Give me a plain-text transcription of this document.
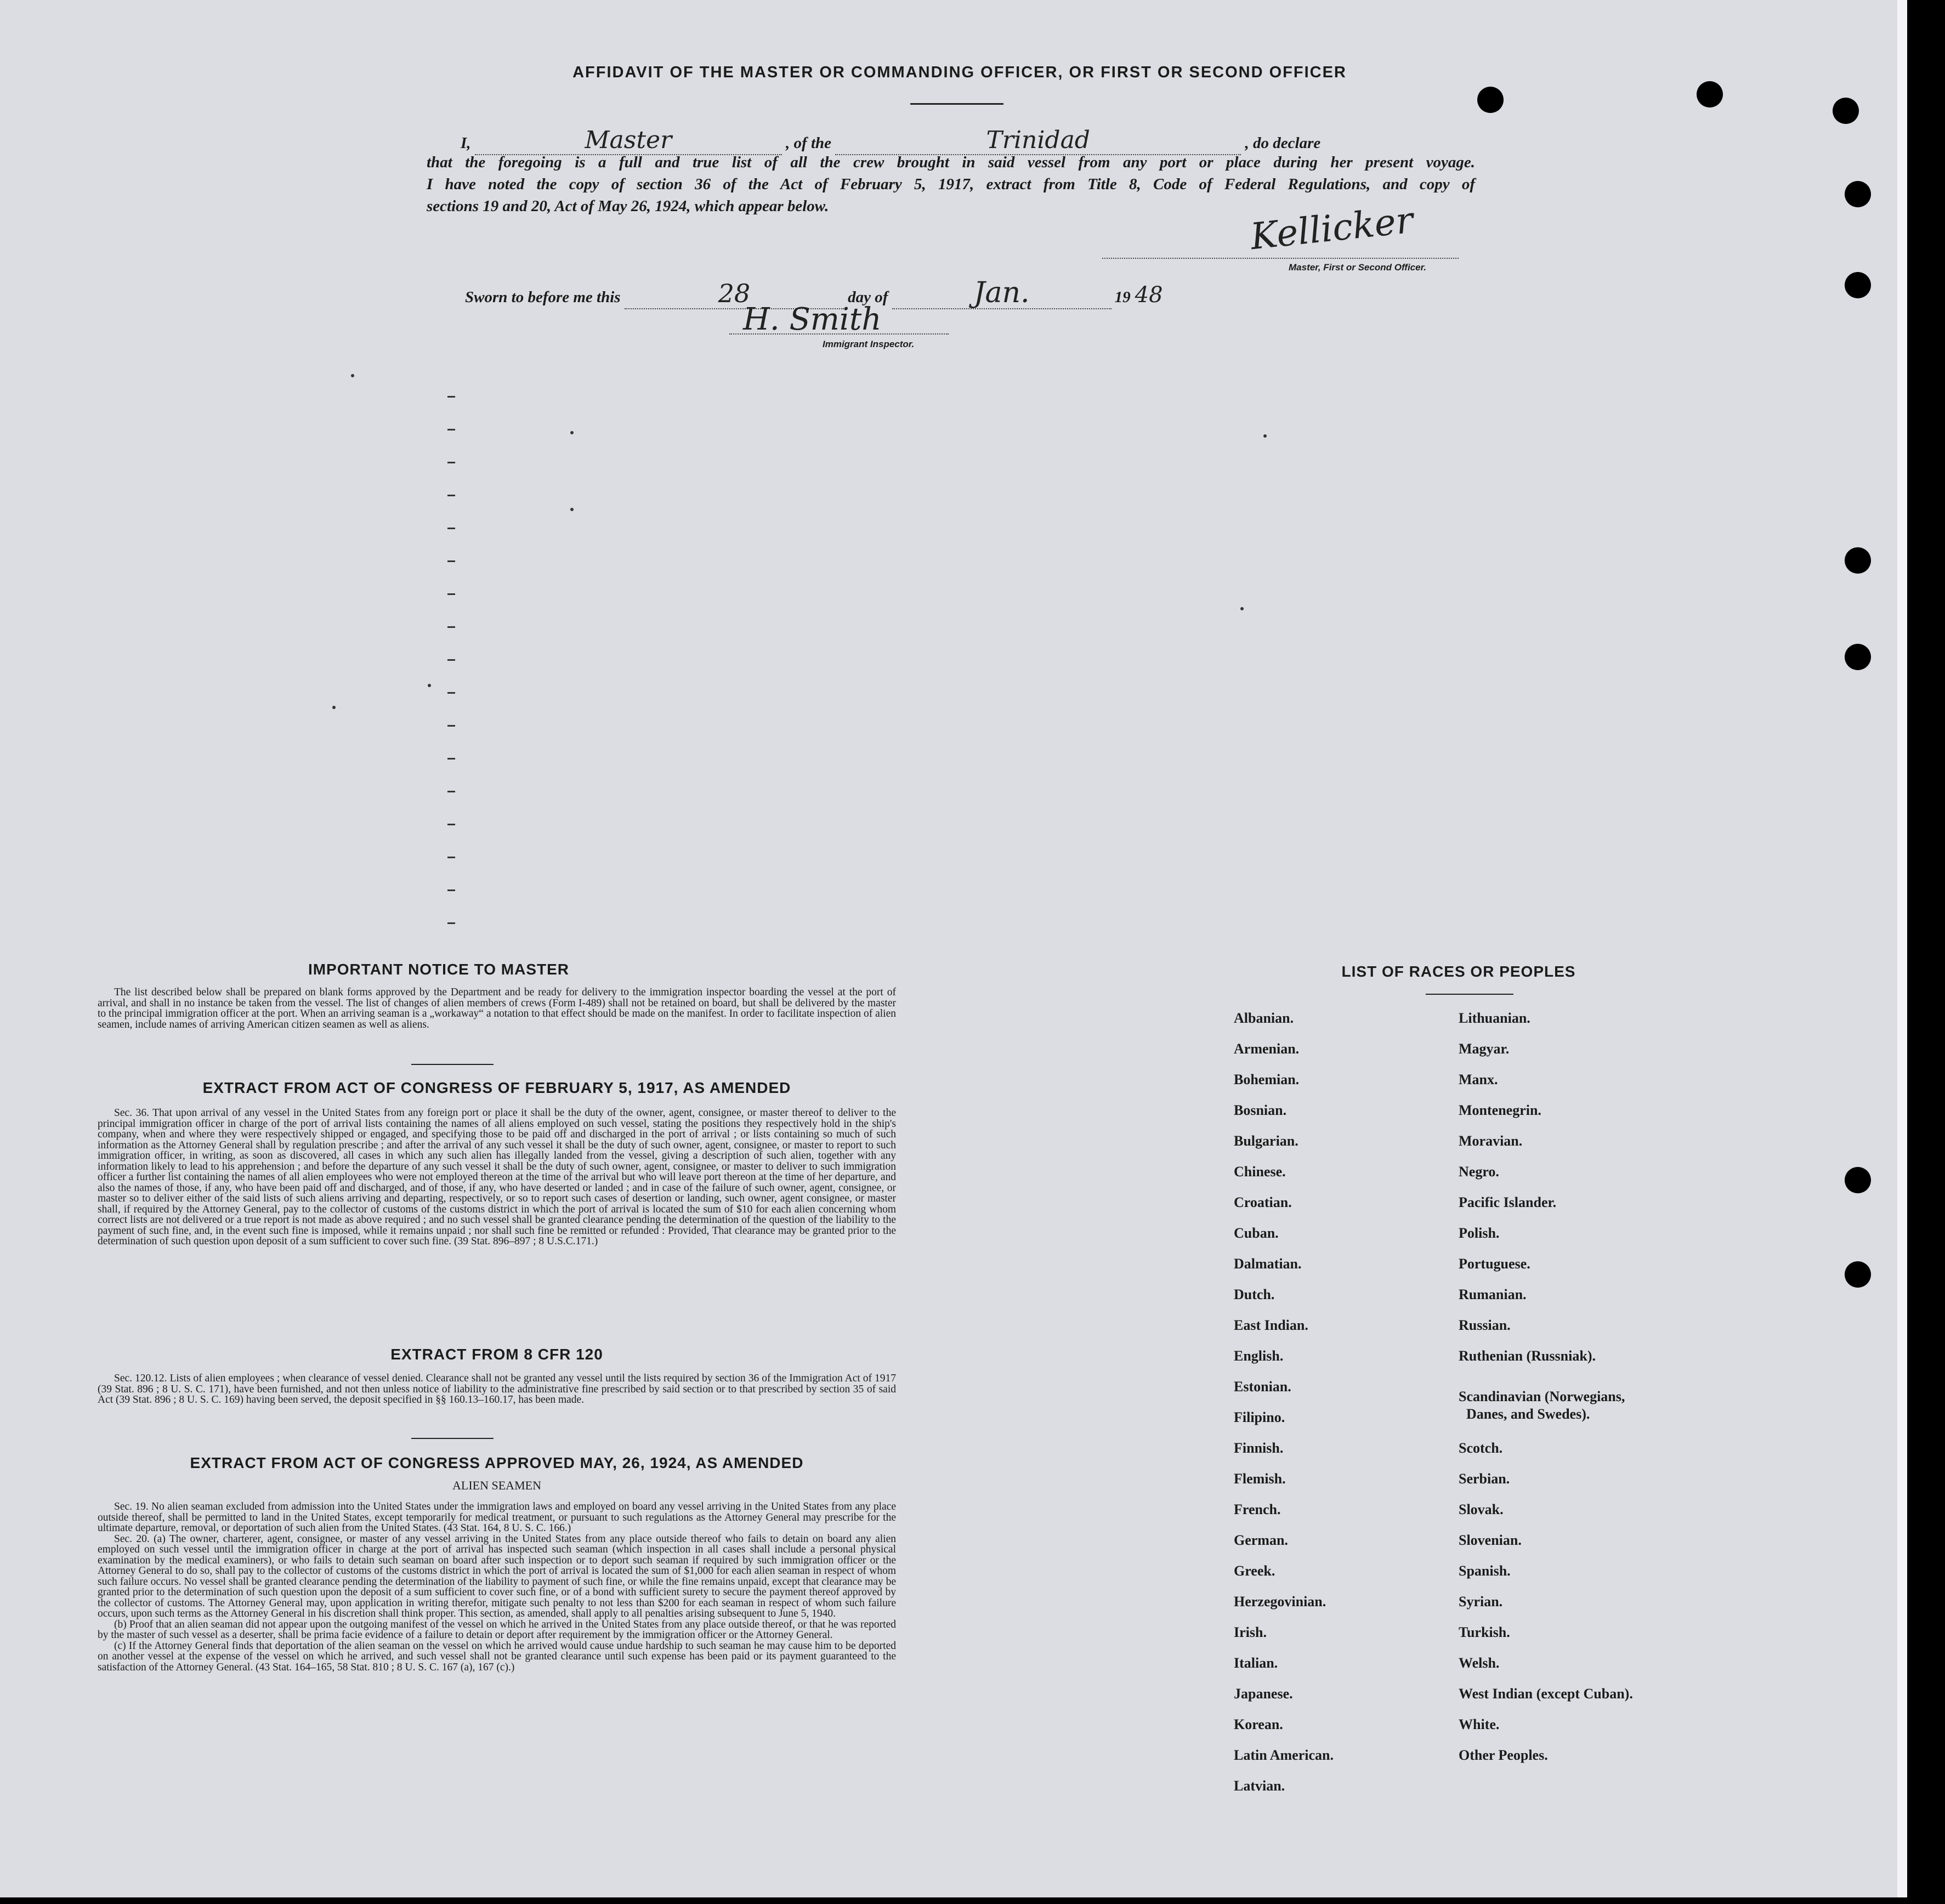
AFFIDAVIT OF THE MASTER OR COMMANDING OFFICER, OR FIRST OR SECOND OFFICER
I,	Master	, of the	Trinidad	, do declare
that the foregoing is a full and true list of all the crew brought in said vessel from any port or place during her present voyage.
I have noted the copy of section 36 of the Act of February 5, 1917, extract from Title 8, Code of Federal Regulations, and copy of
sections 19 and 20, Act of May 26, 1924, which appear below.	Kellicker
Master, First or Second Officer.
Sworn to before me this	28	day of	Jan.	19 48
H. Smith
Immigrant Inspector.
IMPORTANT NOTICE TO MASTER
The list described below shall be prepared on blank forms approved by the Department and be ready for delivery to the immigration inspector boarding the vessel at the port of arrival, and shall in no instance be taken from the vessel. The list of changes of alien members of crews (Form I-489) shall not be retained on board, but shall be delivered by the master to the principal immigration officer at the port. When an arriving seaman is a „workaway“ a notation to that effect should be made on the manifest. In order to facilitate inspection of alien seamen, include names of arriving American citizen seamen as well as aliens.
EXTRACT FROM ACT OF CONGRESS OF FEBRUARY 5, 1917, AS AMENDED
Sec. 36. That upon arrival of any vessel in the United States from any foreign port or place it shall be the duty of the owner, agent, consignee, or master thereof to deliver to the principal immigration officer in charge of the port of arrival lists containing the names of all aliens employed on such vessel, stating the positions they respectively hold in the ship's company, when and where they were respectively shipped or engaged, and specifying those to be paid off and discharged in the port of arrival ; or lists containing so much of such information as the Attorney General shall by regulation prescribe ; and after the arrival of any such vessel it shall be the duty of such owner, agent, consignee, or master to report to such immigration officer, in writing, as soon as discovered, all cases in which any such alien has illegally landed from the vessel, giving a description of such alien, together with any information likely to lead to his apprehension ; and before the departure of any such vessel it shall be the duty of such owner, agent, consignee, or master to deliver to such immigration officer a further list containing the names of all alien employees who were not employed thereon at the time of the arrival but who will leave port thereon at the time of her departure, and also the names of those, if any, who have been paid off and discharged, and of those, if any, who have deserted or landed ; and in case of the failure of such owner, agent, consignee, or master so to deliver either of the said lists of such aliens arriving and departing, respectively, or so to report such cases of desertion or landing, such owner, agent consignee, or master shall, if required by the Attorney General, pay to the collector of customs of the customs district in which the port of arrival is located the sum of $10 for each alien concerning whom correct lists are not delivered or a true report is not made as above required ; and no such vessel shall be granted clearance pending the determination of the question of the liability to the payment of such fine, and, in the event such fine is imposed, while it remains unpaid ; nor shall such fine be remitted or refunded : Provided, That clearance may be granted prior to the determination of such question upon deposit of a sum sufficient to cover such fine. (39 Stat. 896–897 ; 8 U.S.C.171.)
EXTRACT FROM 8 CFR 120
Sec. 120.12. Lists of alien employees ; when clearance of vessel denied. Clearance shall not be granted any vessel until the lists required by section 36 of the Immigration Act of 1917 (39 Stat. 896 ; 8 U. S. C. 171), have been furnished, and not then unless notice of liability to the administrative fine prescribed by said section or to that prescribed by section 35 of said Act (39 Stat. 896 ; 8 U. S. C. 169) having been served, the deposit specified in §§ 160.13–160.17, has been made.
EXTRACT FROM ACT OF CONGRESS APPROVED MAY, 26, 1924, AS AMENDED
ALIEN SEAMEN
Sec. 19. No alien seaman excluded from admission into the United States under the immigration laws and employed on board any vessel arriving in the United States from any place outside thereof, shall be permitted to land in the United States, except temporarily for medical treatment, or pursuant to such regulations as the Attorney General may prescribe for the ultimate departure, removal, or deportation of such alien from the United States. (43 Stat. 164, 8 U. S. C. 166.)
Sec. 20. (a) The owner, charterer, agent, consignee, or master of any vessel arriving in the United States from any place outside thereof who fails to detain on board any alien employed on such vessel until the immigration officer in charge at the port of arrival has inspected such seaman (which inspection in all cases shall include a personal physical examination by the medical examiners), or who fails to detain such seaman on board after such inspection or to deport such seaman if required by such immigration officer or the Attorney General to do so, shall pay to the collector of customs of the customs district in which the port of arrival is located the sum of $1,000 for each alien seaman in respect of whom such failure occurs. No vessel shall be granted clearance pending the determination of the liability to payment of such fine, or while the fine remains unpaid, except that clearance may be granted prior to the determination of such question upon the deposit of a sum sufficient to cover such fine, or of a bond with sufficient surety to secure the payment thereof approved by the collector of customs. The Attorney General may, upon application in writing therefor, mitigate such penalty to not less than $200 for each seaman in respect of whom such failure occurs, upon such terms as the Attorney General in his discretion shall think proper. This section, as amended, shall apply to all penalties arising subsequent to June 5, 1940.
(b) Proof that an alien seaman did not appear upon the outgoing manifest of the vessel on which he arrived in the United States from any place outside thereof, or that he was reported by the master of such vessel as a deserter, shall be prima facie evidence of a failure to detain or deport after requirement by the immigration officer or the Attorney General.
(c) If the Attorney General finds that deportation of the alien seaman on the vessel on which he arrived would cause undue hardship to such seaman he may cause him to be deported on another vessel at the expense of the vessel on which he arrived, and such vessel shall not be granted clearance until such expense has been paid or its payment guaranteed to the satisfaction of the Attorney General. (43 Stat. 164–165, 58 Stat. 810 ; 8 U. S. C. 167 (a), 167 (c).)
LIST OF RACES OR PEOPLES
Albanian.
Armenian.
Bohemian.
Bosnian.
Bulgarian.
Chinese.
Croatian.
Cuban.
Dalmatian.
Dutch.
East Indian.
English.
Estonian.
Filipino.
Finnish.
Flemish.
French.
German.
Greek.
Herzegovinian.
Irish.
Italian.
Japanese.
Korean.
Latin American.
Latvian.
Lithuanian.
Magyar.
Manx.
Montenegrin.
Moravian.
Negro.
Pacific Islander.
Polish.
Portuguese.
Rumanian.
Russian.
Ruthenian (Russniak).
Scandinavian (Norwegians,
Danes, and Swedes).
Scotch.
Serbian.
Slovak.
Slovenian.
Spanish.
Syrian.
Turkish.
Welsh.
West Indian (except Cuban).
White.
Other Peoples.
